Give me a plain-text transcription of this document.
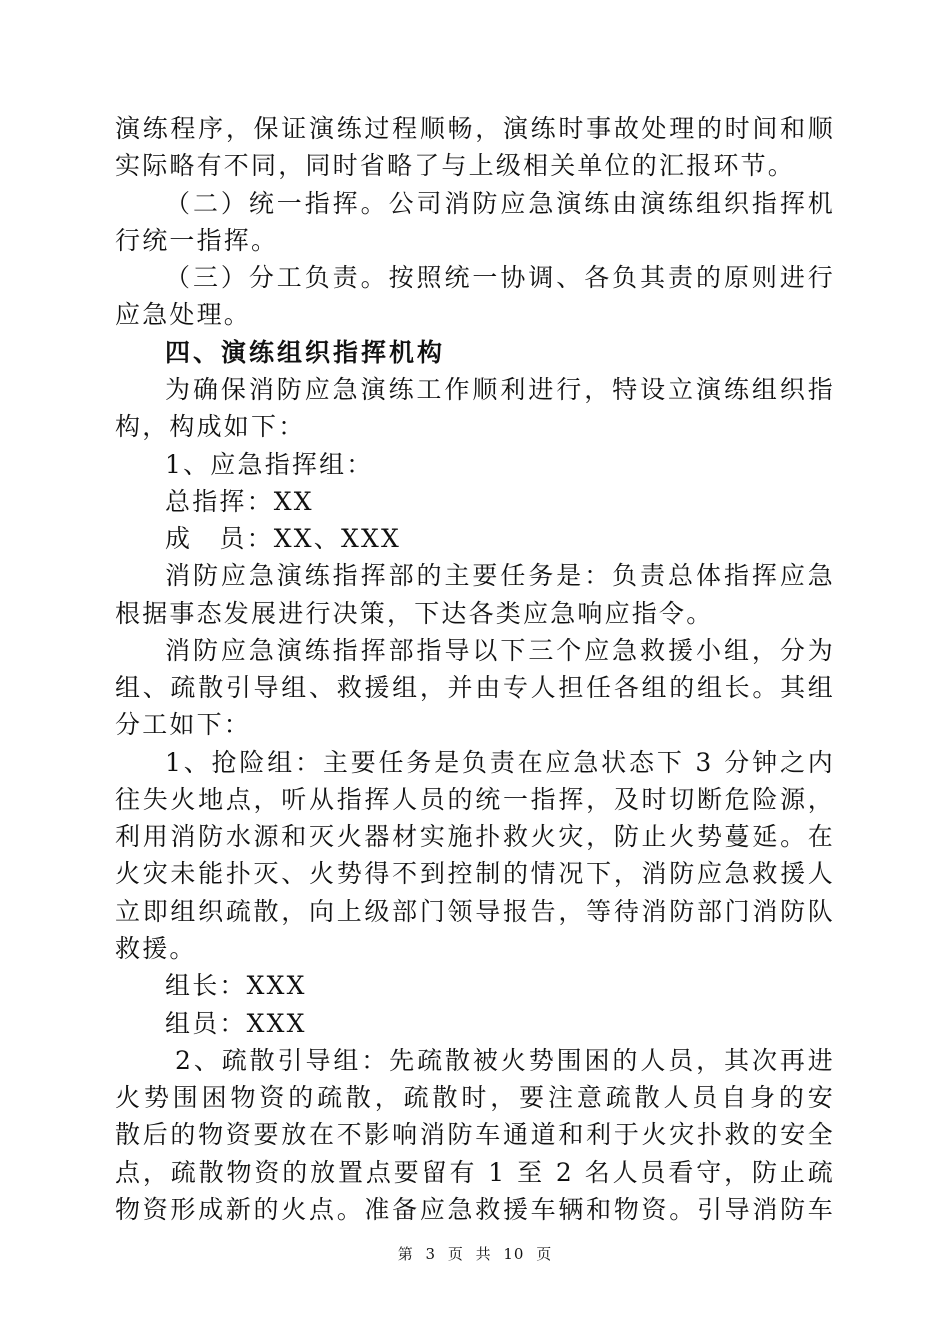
演练程序，保证演练过程顺畅，演练时事故处理的时间和顺
实际略有不同，同时省略了与上级相关单位的汇报环节。
（二）统一指挥。公司消防应急演练由演练组织指挥机
行统一指挥。
（三）分工负责。按照统一协调、各负其责的原则进行
应急处理。
四、演练组织指挥机构
为确保消防应急演练工作顺利进行，特设立演练组织指
构，构成如下：
1、应急指挥组：
总指挥：XX
成　员：XX、XXX
消防应急演练指挥部的主要任务是：负责总体指挥应急
根据事态发展进行决策，下达各类应急响应指令。
消防应急演练指挥部指导以下三个应急救援小组，分为
组、疏散引导组、救援组，并由专人担任各组的组长。其组
分工如下：
1、抢险组：主要任务是负责在应急状态下 3 分钟之内
往失火地点，听从指挥人员的统一指挥，及时切断危险源，
利用消防水源和灭火器材实施扑救火灾，防止火势蔓延。在
火灾未能扑灭、火势得不到控制的情况下，消防应急救援人
立即组织疏散，向上级部门领导报告，等待消防部门消防队
救援。
组长：XXX
组员：XXX
2、疏散引导组：先疏散被火势围困的人员，其次再进
火势围困物资的疏散，疏散时，要注意疏散人员自身的安
散后的物资要放在不影响消防车通道和利于火灾扑救的安全
点，疏散物资的放置点要留有 1 至 2 名人员看守，防止疏
物资形成新的火点。准备应急救援车辆和物资。引导消防车
第 3 页 共 10 页
